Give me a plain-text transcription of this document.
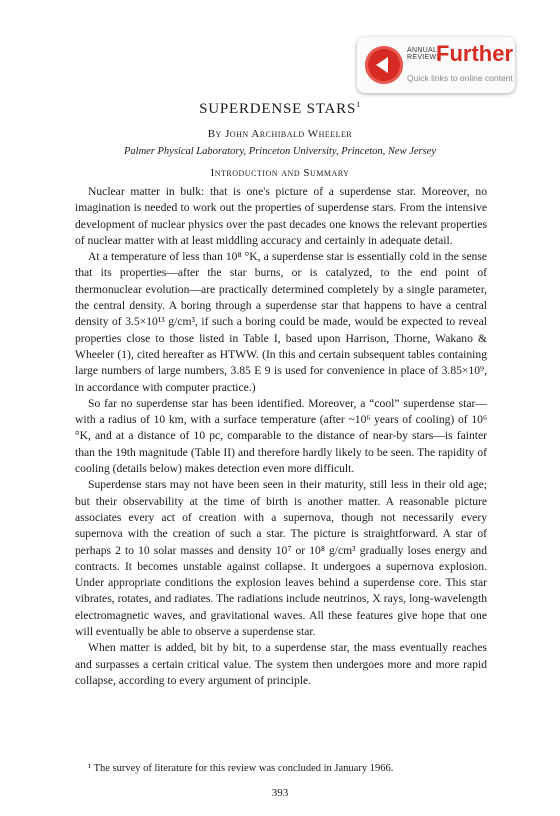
ANNUAL
REVIEWS
Further
Quick links to online content
SUPERDENSE STARS$^1$
By John Archibald Wheeler
Palmer Physical Laboratory, Princeton University, Princeton, New Jersey
Introduction and Summary

Nuclear matter in bulk: that is one's picture of a superdense star. Moreover, no imagination is needed to work out the properties of superdense stars. From the intensive development of nuclear physics over the past decades one knows the relevant properties of nuclear matter with at least middling accuracy and certainly in adequate detail.

At a temperature of less than 10⁸ °K, a superdense star is essentially cold in the sense that its properties—after the star burns, or is catalyzed, to the end point of thermonuclear evolution—are practically determined completely by a single parameter, the central density. A boring through a superdense star that happens to have a central density of 3.5×10¹³ g/cm³, if such a boring could be made, would be expected to reveal properties close to those listed in Table I, based upon Harrison, Thorne, Wakano & Wheeler (1), cited hereafter as HTWW. (In this and certain subsequent tables containing large numbers of large numbers, 3.85 E 9 is used for convenience in place of 3.85×10⁹, in accordance with computer practice.)

So far no superdense star has been identified. Moreover, a “cool” superdense star—with a radius of 10 km, with a surface temperature (after ~10⁶ years of cooling) of 10⁶ °K, and at a distance of 10 pc, comparable to the distance of near-by stars—is fainter than the 19th magnitude (Table II) and therefore hardly likely to be seen. The rapidity of cooling (details below) makes detection even more difficult.

Superdense stars may not have been seen in their maturity, still less in their old age; but their observability at the time of birth is another matter. A reasonable picture associates every act of creation with a supernova, though not necessarily every supernova with the creation of such a star. The picture is straightforward. A star of perhaps 2 to 10 solar masses and density 10⁷ or 10⁸ g/cm³ gradually loses energy and contracts. It becomes unstable against collapse. It undergoes a supernova explosion. Under appropriate conditions the explosion leaves behind a superdense core. This star vibrates, rotates, and radiates. The radiations include neutrinos, X rays, long-wavelength electromagnetic waves, and gravitational waves. All these features give hope that one will eventually be able to observe a superdense star.

When matter is added, bit by bit, to a superdense star, the mass eventually reaches and surpasses a certain critical value. The system then undergoes more and more rapid collapse, according to every argument of principle.

¹ The survey of literature for this review was concluded in January 1966.
393
